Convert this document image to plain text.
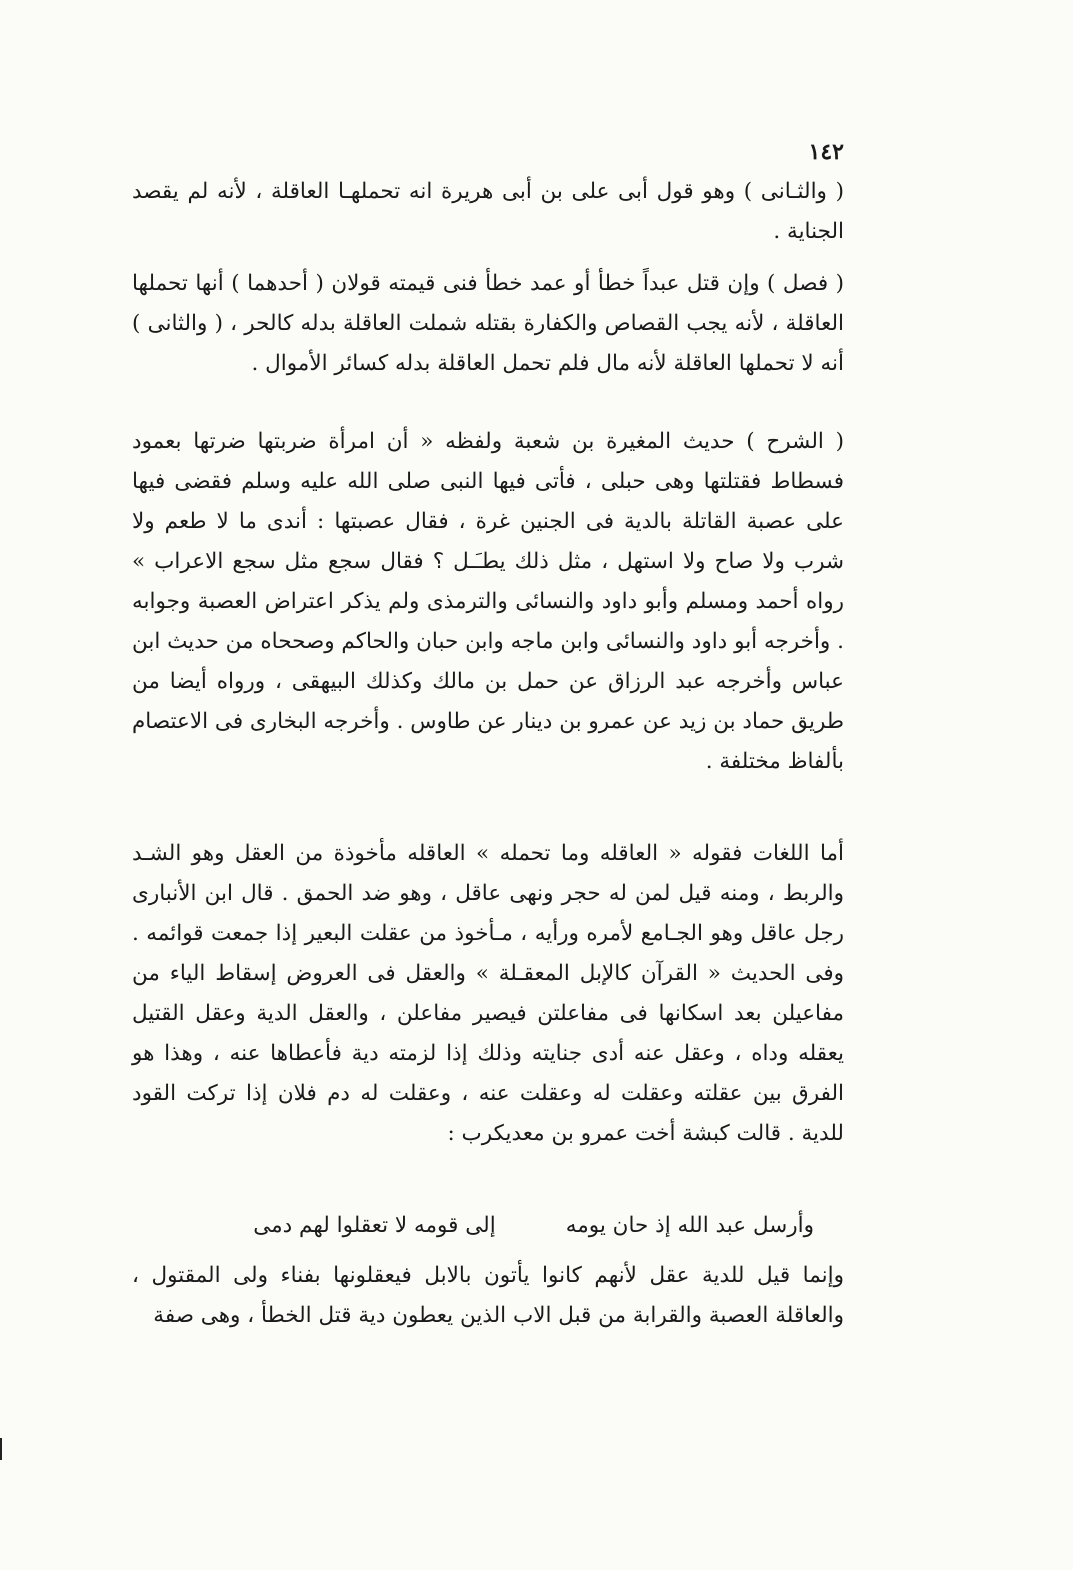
١٤٢

( والثـانى ) وهو قول أبى على بن أبى هريرة انه تحملهـا العاقلة ، لأنه لم يقصد الجناية .

( فصل ) وإن قتل عبداً خطأ أو عمد خطأ فنى قيمته قولان ( أحدهما ) أنها تحملها العاقلة ، لأنه يجب القصاص والكفارة بقتله شملت العاقلة بدله كالحر ، ( والثانى ) أنه لا تحملها العاقلة لأنه مال فلم تحمل العاقلة بدله كسائر الأموال .

( الشرح ) حديث المغيرة بن شعبة ولفظه « أن امرأة ضربتها ضرتها بعمود فسطاط فقتلتها وهى حبلى ، فأتى فيها النبى صلى الله عليه وسلم فقضى فيها على عصبة القاتلة بالدية فى الجنين غرة ، فقال عصبتها : أندى ما لا طعم ولا شرب ولا صاح ولا استهل ، مثل ذلك يطـَـل ؟ فقال سجع مثل سجع الاعراب » رواه أحمد ومسلم وأبو داود والنسائى والترمذى ولم يذكر اعتراض العصبة وجوابه . وأخرجه أبو داود والنسائى وابن ماجه وابن حبان والحاكم وصححاه من حديث ابن عباس وأخرجه عبد الرزاق عن حمل بن مالك وكذلك البيهقى ، ورواه أيضا من طريق حماد بن زيد عن عمرو بن دينار عن طاوس . وأخرجه البخارى فى الاعتصام بألفاظ مختلفة .

أما اللغات فقوله « العاقله وما تحمله » العاقله مأخوذة من العقل وهو الشـد والربط ، ومنه قيل لمن له حجر ونهى عاقل ، وهو ضد الحمق . قال ابن الأنبارى رجل عاقل وهو الجـامع لأمره ورأيه ، مـأخوذ من عقلت البعير إذا جمعت قوائمه . وفى الحديث « القرآن كالإبل المعقـلة » والعقل فى العروض إسقاط الياء من مفاعيلن بعد اسكانها فى مفاعلتن فيصير مفاعلن ، والعقل الدية وعقل القتيل يعقله وداه ، وعقل عنه أدى جنايته وذلك إذا لزمته دية فأعطاها عنه ، وهذا هو الفرق بين عقلته وعقلت له وعقلت عنه ، وعقلت له دم فلان إذا تركت القود للدية . قالت كبشة أخت عمرو بن معديكرب :

وأرسل عبد الله إذ حان يومه
إلى قومه لا تعقلوا لهم دمى

وإنما قيل للدية عقل لأنهم كانوا يأتون بالابل فيعقلونها بفناء ولى المقتول ، والعاقلة العصبة والقرابة من قبل الاب الذين يعطون دية قتل الخطأ ، وهى صفة
